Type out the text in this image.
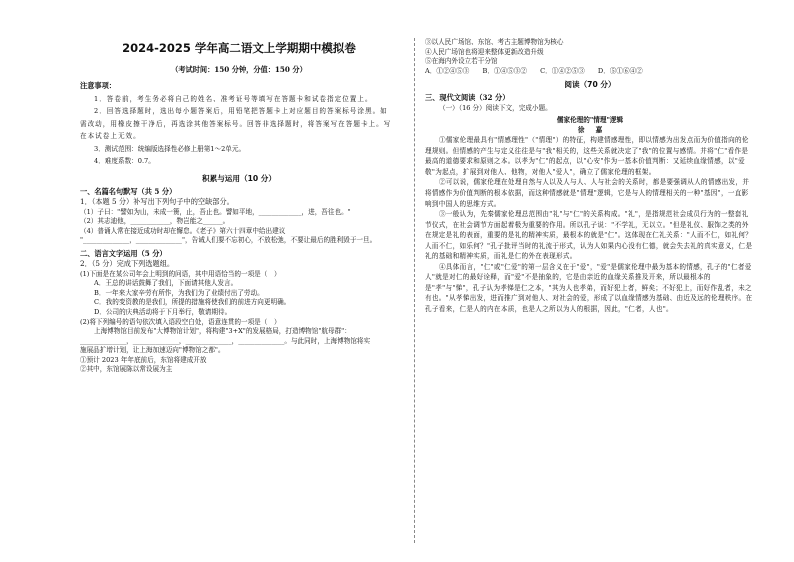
2024-2025 学年高二语文上学期期中模拟卷
（考试时间：150 分钟，分值：150 分）

注意事项：

1．答卷前，考生务必将自己的姓名、准考证号等填写在答题卡和试卷指定位置上。

2．回答选择题时，选出每小题答案后，用铅笔把答题卡上对应题目的答案标号涂黑。如

需改动，用橡皮擦干净后，再选涂其他答案标号。回答非选择题时，将答案写在答题卡上。写

在本试卷上无效。

3．测试范围：统编版选择性必修上册第1～2单元。

4．难度系数：0.7。

积累与运用（10 分）

一、名篇名句默写（共 5 分）

1．（本题 5 分）补写出下列句子中的空缺部分。

（1）子曰："譬如为山，未成一篑，止，吾止也。譬如平地，_____________，进，吾往也。"

（2）其志迪他，____________，物岂能之______。

（4）普诵人常在接近成功时却在懈怠。《老子》第六十四章中给出建议

"______________，______________"，告诫人们要不忘初心，不放松弛，不要让最后的胜利毁于一旦。

二、语言文字运用（5 分）

2．（5 分）完成下列选题组。

(1)下面是在某公司年会上明到的问语，其中用语恰当的一项是（　）

A．王总的讲话鼓舞了我们，下面请其他人发言。

B．一年来大家辛劳有所作，为我们为了业绩付出了劳动。

C．我的变资教的是我们，所提的措施将使我们的前进方向更明确。

D．公司的庆典活动将于下月举行，敬请期待。

(2)将下列编号的语句依次填入语段空白处，语意连贯的一项是（　）

上海博物馆目前发布"大博物馆计划"，将构建"3+X"的发展格局，打造博物馆"航母群"：

______________，______________，______________，______________。与此同时，上海博物馆将实

施展品扩增计划，让上海加速迈向"博物馆之都"。

①预计 2023 年年底前后，东馆将建成开放

②其中，东馆展陈以常设展为主

③以人民广场馆、东馆、考古主题博物馆为核心

④人民广场馆也将迎来整体更新改造升级

⑤在海内外设立若干分馆

A．①②④⑤③　　B．①④⑤③②　　C．①④②⑤③　　D．⑤①⑥④②

阅读（70 分）

三、现代文阅读（32 分）

（一）（16 分）阅读下文，完成小题。

儒家伦理的"情理"逻辑

徐 　 嘉

①儒家伦理最具有"情感理性"（"情理"）的特征，构建情感理性，即以情感为出发点而为价值指向的伦理规则。但情感的产生与定义往往是与"我"相关的，这些关系就决定了"我"的位置与感情。并将"仁"看作是最高的道德要求和原则之本。以孝为"仁"的起点，以"心安"作为一基本价值判断：又延续血缘情感，以"爱敬"为起点，扩展到对他人、他物，对他人"爱人"，确立了儒家伦理的框架。

②可以说，儒家伦理在处理自然与人以及人与人、人与社会的关系时，都是要强调从人的情感出发，并将情感作为价值判断的根本依据，而这种情感就是"情理"逻辑，它是与人的情理相关的一种"基因"，一直影响到中国人的思维方式。

③一般认为，先秦儒家伦理总范围由"礼"与"仁"的关系构成。"礼"，是指规范社会成员行为的一整套礼节仪式，在社会调节方面起着极为重要的作用。所以孔子说："不学礼，无以立。"但是礼仪、服饰之类的外在规定是礼的表面，重要的是礼的精神实质，最根本的就是"仁"。这体现在仁礼关系："人而不仁，如礼何？人而不仁，如乐何？"孔子批评当时的礼流于形式，认为人如果内心没有仁德，就会失去礼的真实意义，仁是礼的基础和精神实质，而礼是仁的外在表现形式。

④具体而言，"仁"或"仁爱"的第一层含义在于"爱"，"爱"是儒家伦理中最为基本的情感，孔子的"仁者爱人"就是对仁的最好诠释，而"爱"不是抽象的，它是由亲近的血缘关系推及开来，所以最根本的是"孝"与"悌"，孔子认为孝悌是仁之本，"其为人也孝弟，而好犯上者，鲜矣；不好犯上，而好作乱者，未之有也。"从孝悌出发，进而推广到对他人、对社会的爱，形成了以血缘情感为基础、由近及远的伦理秩序。在孔子看来，仁是人的内在本质，也是人之所以为人的根据，因此，"仁者，人也"。
